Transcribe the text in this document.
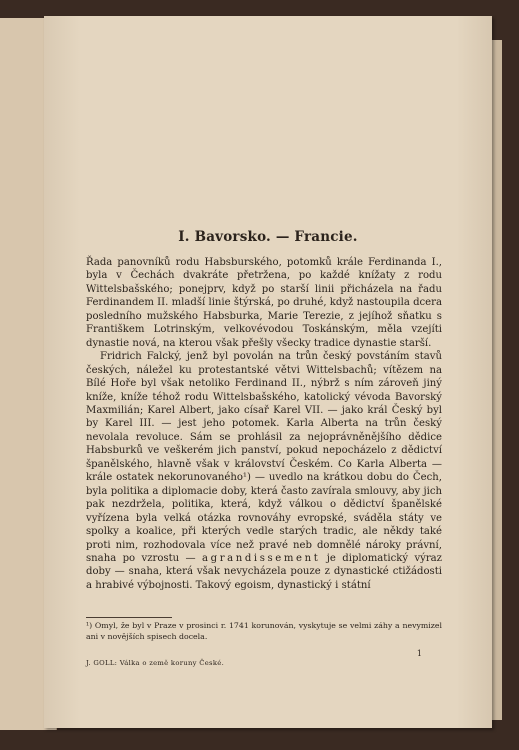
I. Bavorsko. — Francie.

Řada panovníků rodu Habsburského, potomků krále Ferdinanda I., byla v Čechách dvakráte přetržena, po každé knížaty z rodu Wittelsbašského; ponejprv, když po starší linii přicházela na řadu Ferdinandem II. mladší linie štýrská, po druhé, když nastoupila dcera posledního mužského Habsburka, Marie Terezie, z jejíhož sňatku s Františkem Lotrinským, velkovévodou Toskánským, měla vzejíti dynastie nová, na kterou však přešly všecky tradice dynastie starší.

Fridrich Falcký, jenž byl povolán na trůn český povstáním stavů českých, náležel ku protestantské větvi Wittelsbachů; vítězem na Bílé Hoře byl však netoliko Ferdinand II., nýbrž s ním zároveň jiný kníže, kníže téhož rodu Wittelsbašského, katolický vévoda Bavorský Maxmilián; Karel Albert, jako císař Karel VII. — jako král Český byl by Karel III. — jest jeho potomek. Karla Alberta na trůn český nevolala revoluce. Sám se prohlásil za nejoprávněnějšího dědice Habsburků ve veškerém jich panství, pokud nepocházelo z dědictví španělského, hlavně však v království Českém. Co Karla Alberta — krále ostatek nekorunovaného¹) — uvedlo na krátkou dobu do Čech, byla politika a diplomacie doby, která často zavírala smlouvy, aby jich pak nezdržela, politika, která, když válkou o dědictví španělské vyřízena byla velká otázka rovnováhy evropské, sváděla státy ve spolky a koalice, při kterých vedle starých tradic, ale někdy také proti nim, rozhodovala více než pravé neb domnělé nároky právní, snaha po vzrostu — agrandissement je diplomatický výraz doby — snaha, která však nevycházela pouze z dynastické ctižádosti a hrabivé výbojnosti. Takový egoism, dynastický i státní

¹) Omyl, že byl v Praze v prosinci r. 1741 korunován, vyskytuje se velmi záhy a nevymizel ani v novějších spisech docela.
1
J. GOLL: Válka o země koruny České.
